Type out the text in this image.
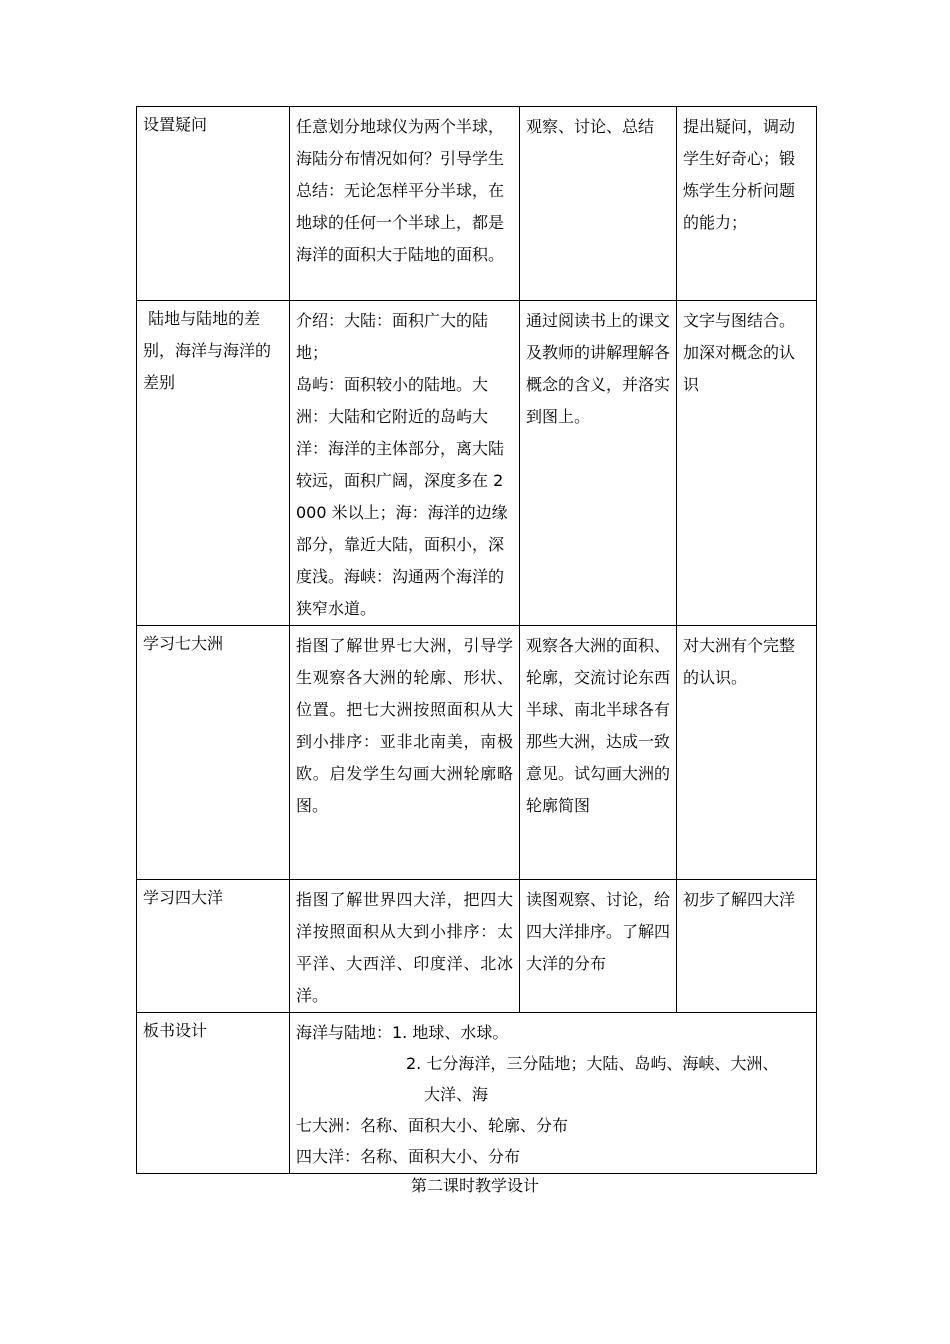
设置疑问	任意划分地球仪为两个半球，海陆分布情况如何？引导学生总结：无论怎样平分半球，在地球的任何一个半球上，都是海洋的面积大于陆地的面积。	观察、讨论、总结	提出疑问，调动学生好奇心；锻炼学生分析问题的能力；

陆地与陆地的差别，海洋与海洋的差别	介绍：大陆：面积广大的陆地；
岛屿：面积较小的陆地。大洲：大陆和它附近的岛屿大洋：海洋的主体部分，离大陆较远，面积广阔，深度多在 2000 米以上；海：海洋的边缘部分，靠近大陆，面积小，深度浅。海峡：沟通两个海洋的狭窄水道。	通过阅读书上的课文及教师的讲解理解各概念的含义，并洛实到图上。	文字与图结合。加深对概念的认识

学习七大洲	指图了解世界七大洲，引导学生观察各大洲的轮廓、形状、位置。把七大洲按照面积从大到小排序：亚非北南美，南极欧。启发学生勾画大洲轮廓略图。	观察各大洲的面积、轮廓，交流讨论东西半球、南北半球各有那些大洲，达成一致意见。试勾画大洲的轮廓简图	对大洲有个完整的认识。

学习四大洋	指图了解世界四大洋，把四大洋按照面积从大到小排序：太平洋、大西洋、印度洋、北冰洋。	读图观察、讨论，给四大洋排序。了解四大洋的分布	初步了解四大洋

板书设计	海洋与陆地：1. 地球、水球。
2. 七分海洋，三分陆地；大陆、岛屿、海峡、大洲、
大洋、海
七大洲：名称、面积大小、轮廓、分布
四大洋：名称、面积大小、分布		
第二课时教学设计
